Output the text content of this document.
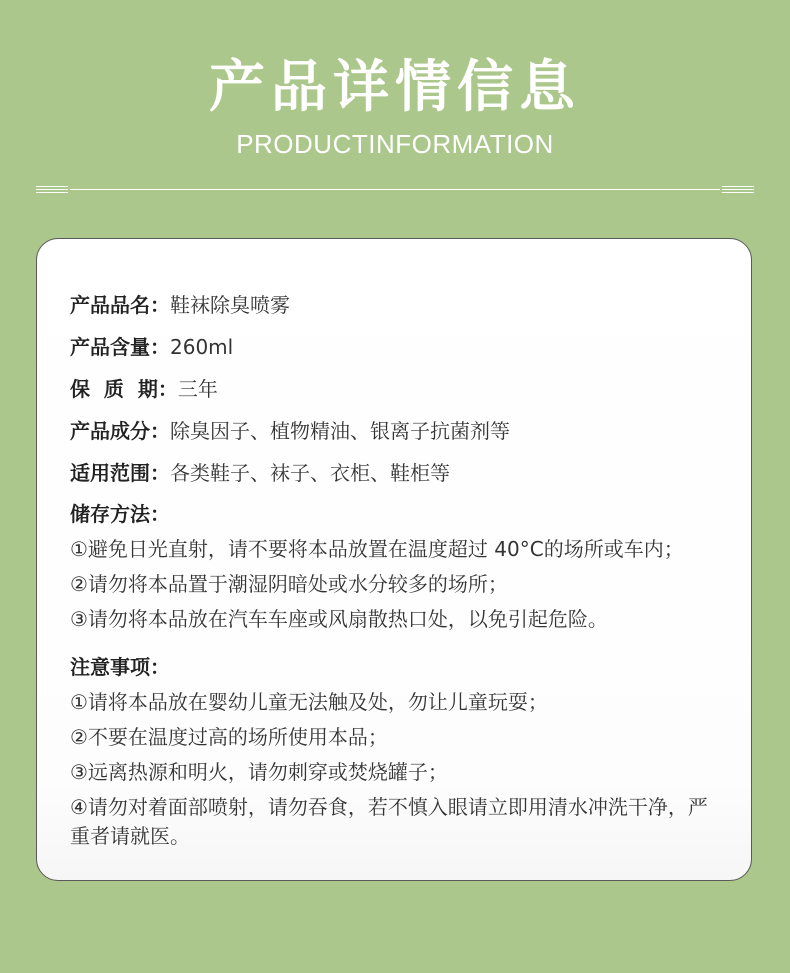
产品详情信息
PRODUCTINFORMATION
产品品名：鞋袜除臭喷雾
产品含量：260ml
保  质  期：三年
产品成分：除臭因子、植物精油、银离子抗菌剂等
适用范围：各类鞋子、袜子、衣柜、鞋柜等
储存方法：
①避免日光直射，请不要将本品放置在温度超过 40°C的场所或车内；
②请勿将本品置于潮湿阴暗处或水分较多的场所；
③请勿将本品放在汽车车座或风扇散热口处，以免引起危险。
注意事项：
①请将本品放在婴幼儿童无法触及处，勿让儿童玩耍；
②不要在温度过高的场所使用本品；
③远离热源和明火，请勿刺穿或焚烧罐子；
④请勿对着面部喷射，请勿吞食，若不慎入眼请立即用清水冲洗干净，严重者请就医。
